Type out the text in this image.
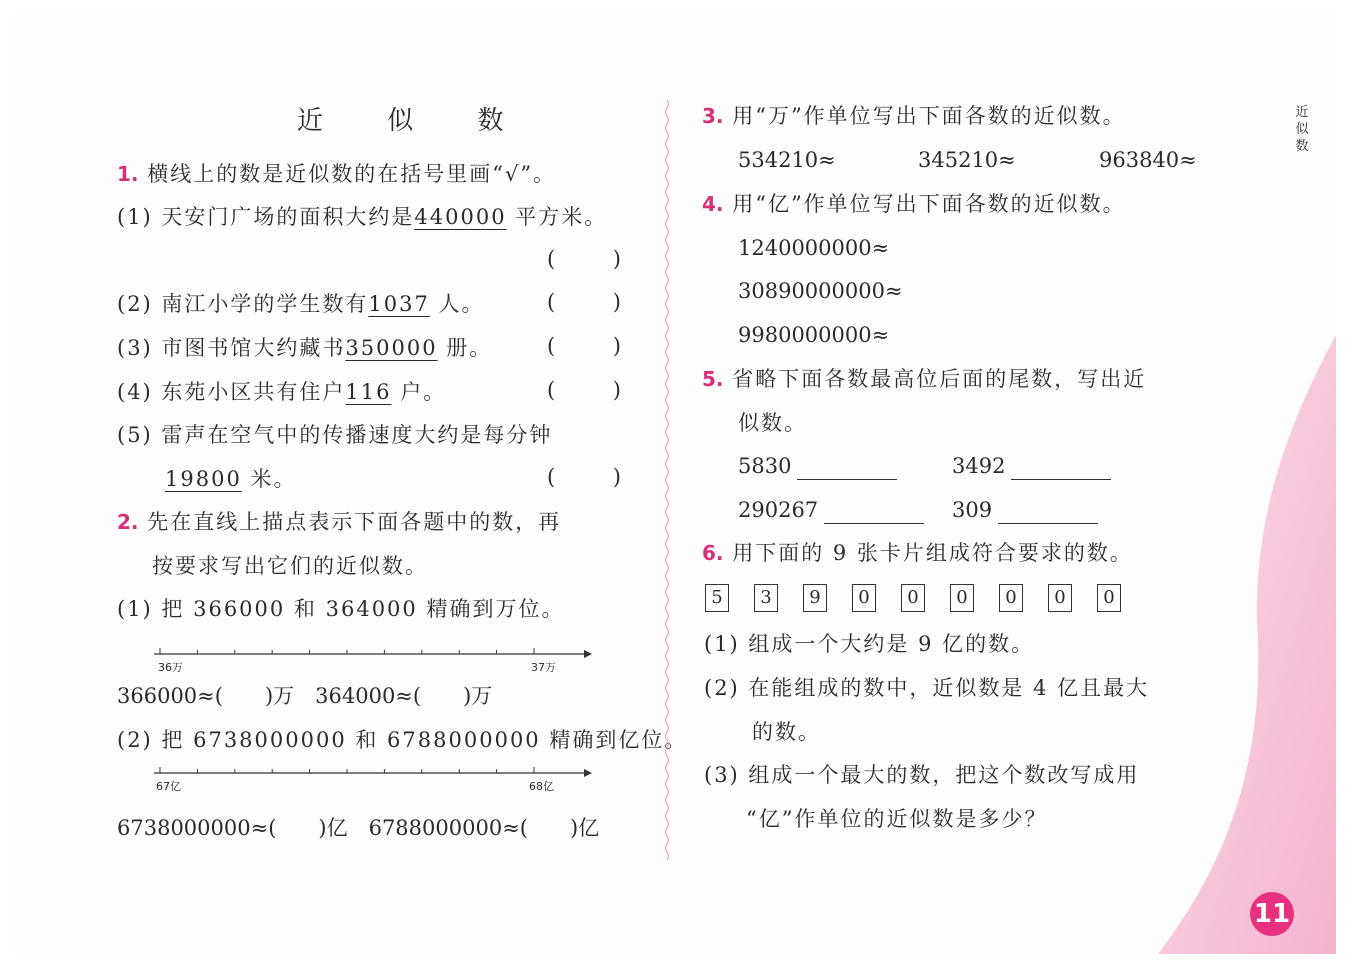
近 似 数	近似数
1. 横线上的数是近似数的在括号里画“√”。
(1) 天安门广场的面积大约是440000 平方米。
(	)
(2) 南江小学的学生数有1037 人。	(	)
(3) 市图书馆大约藏书350000 册。	(	)
(4) 东苑小区共有住户116 户。	(	)
(5) 雷声在空气中的传播速度大约是每分钟
19800 米。	(	)
2. 先在直线上描点表示下面各题中的数，再
按要求写出它们的近似数。
(1) 把 366000 和 364000 精确到万位。
36万	37万
366000≈(　　)万　364000≈(　　)万
(2) 把 6738000000 和 6788000000 精确到亿位。
67亿	68亿
6738000000≈(　　)亿　6788000000≈(　　)亿
3. 用“万”作单位写出下面各数的近似数。
534210≈	345210≈	963840≈
4. 用“亿”作单位写出下面各数的近似数。
1240000000≈
30890000000≈
9980000000≈
5. 省略下面各数最高位后面的尾数，写出近
似数。
5830	3492
290267	309
6. 用下面的 9 张卡片组成符合要求的数。
5	3	9	0	0	0	0	0	0
(1) 组成一个大约是 9 亿的数。
(2) 在能组成的数中，近似数是 4 亿且最大
的数。
(3) 组成一个最大的数，把这个数改写成用
“亿”作单位的近似数是多少？
11
